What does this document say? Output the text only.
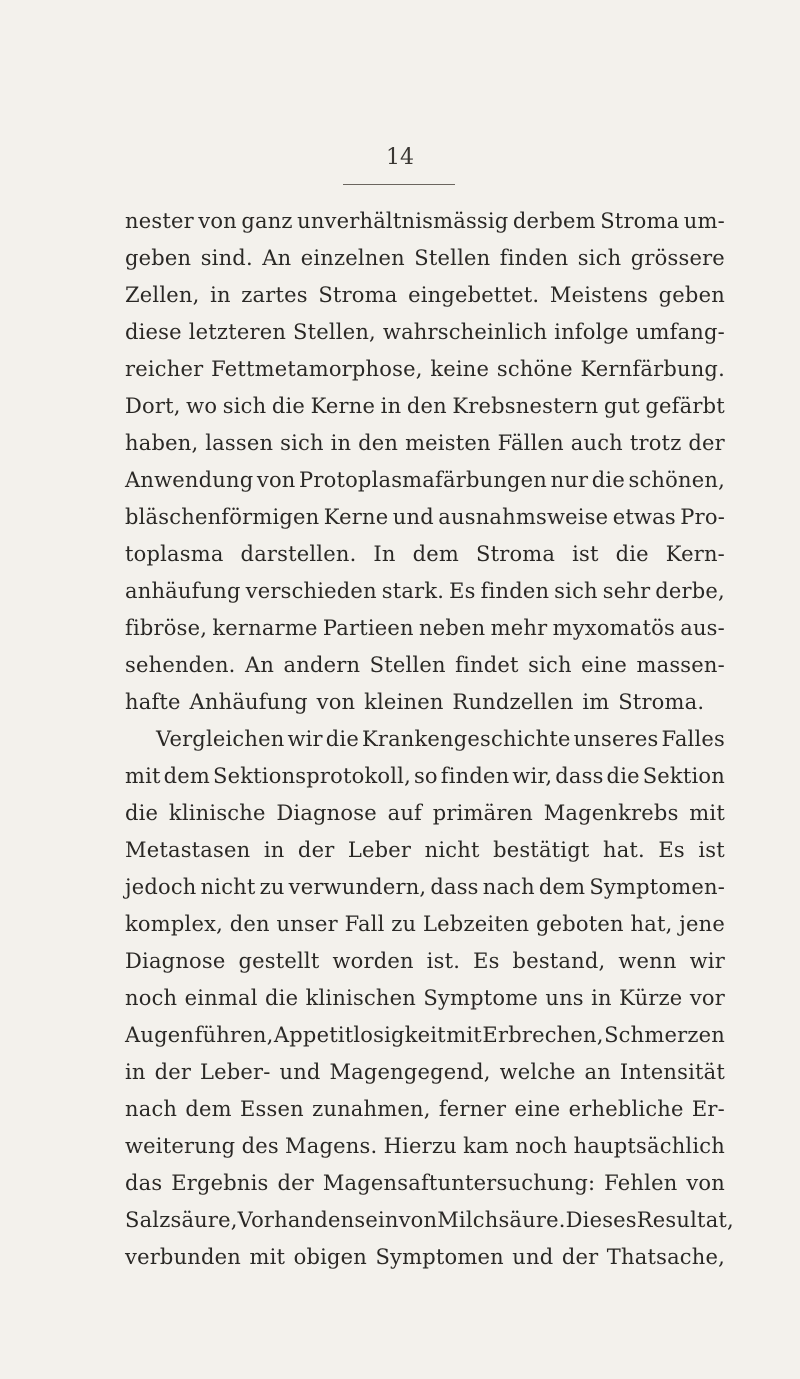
14
nester von ganz unverhältnismässig derbem Stroma um-
geben sind. An einzelnen Stellen finden sich grössere
Zellen, in zartes Stroma eingebettet. Meistens geben
diese letzteren Stellen, wahrscheinlich infolge umfang-
reicher Fettmetamorphose, keine schöne Kernfärbung.
Dort, wo sich die Kerne in den Krebsnestern gut gefärbt
haben, lassen sich in den meisten Fällen auch trotz der
Anwendung von Protoplasmafärbungen nur die schönen,
bläschenförmigen Kerne und ausnahmsweise etwas Pro-
toplasma darstellen. In dem Stroma ist die Kern-
anhäufung verschieden stark. Es finden sich sehr derbe,
fibröse, kernarme Partieen neben mehr myxomatös aus-
sehenden. An andern Stellen findet sich eine massen-
hafte Anhäufung von kleinen Rundzellen im Stroma.
Vergleichen wir die Krankengeschichte unseres Falles
mit dem Sektionsprotokoll, so finden wir, dass die Sektion
die klinische Diagnose auf primären Magenkrebs mit
Metastasen in der Leber nicht bestätigt hat. Es ist
jedoch nicht zu verwundern, dass nach dem Symptomen-
komplex, den unser Fall zu Lebzeiten geboten hat, jene
Diagnose gestellt worden ist. Es bestand, wenn wir
noch einmal die klinischen Symptome uns in Kürze vor
Augen führen, Appetitlosigkeit mit Erbrechen, Schmerzen
in der Leber- und Magengegend, welche an Intensität
nach dem Essen zunahmen, ferner eine erhebliche Er-
weiterung des Magens. Hierzu kam noch hauptsächlich
das Ergebnis der Magensaftuntersuchung: Fehlen von
Salzsäure, Vorhandensein von Milchsäure. Dieses Resultat,
verbunden mit obigen Symptomen und der Thatsache,
